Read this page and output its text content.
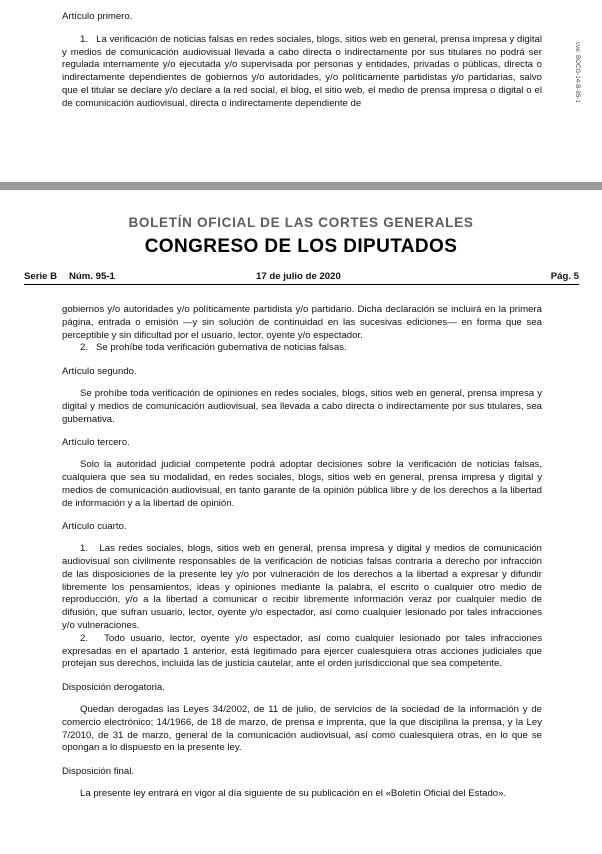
Artículo primero.

1.   La verificación de noticias falsas en redes sociales, blogs, sitios web en general, prensa impresa y digital y medios de comunicación audiovisual llevada a cabo directa o indirectamente por sus titulares no podrá ser regulada internamente y/o ejecutada y/o supervisada por personas y entidades, privadas o públicas, directa o indirectamente dependientes de gobiernos y/o autoridades, y/o políticamente partidistas y/o partidarias, salvo que el titular se declare y/o declare a la red social, el blog, el sitio web, el medio de prensa impresa o digital o el de comunicación audiovisual, directa o indirectamente dependiente de

cve: BOCG-14-B-95-1
BOLETÍN OFICIAL DE LAS CORTES GENERALES
CONGRESO DE LOS DIPUTADOS
Serie B Núm. 95-1	17 de julio de 2020	Pág. 5

gobiernos y/o autoridades y/o políticamente partidista y/o partidario. Dicha declaración se incluirá en la primera página, entrada o emisión —y sin solución de continuidad en las sucesivas ediciones— en forma que sea perceptible y sin dificultad por el usuario, lector, oyente y/o espectador.

2.   Se prohíbe toda verificación gubernativa de noticias falsas.

Artículo segundo.

Se prohíbe toda verificación de opiniones en redes sociales, blogs, sitios web en general, prensa impresa y digital y medios de comunicación audiovisual, sea llevada a cabo directa o indirectamente por sus titulares, sea gubernativa.

Artículo tercero.

Solo la autoridad judicial competente podrá adoptar decisiones sobre la verificación de noticias falsas, cualquiera que sea su modalidad, en redes sociales, blogs, sitios web en general, prensa impresa y digital y medios de comunicación audiovisual, en tanto garante de la opinión pública libre y de los derechos a la libertad de información y a la libertad de opinión.

Artículo cuarto.

1.   Las redes sociales, blogs, sitios web en general, prensa impresa y digital y medios de comunicación audiovisual son civilmente responsables de la verificación de noticias falsas contraria a derecho por infracción de las disposiciones de la presente ley y/o por vulneración de los derechos a la libertad a expresar y difundir libremente los pensamientos, ideas y opiniones mediante la palabra, el escrito o cualquier otro medio de reproducción, y/o a la libertad a comunicar o recibir libremente información veraz por cualquier medio de difusión, que sufran usuario, lector, oyente y/o espectador, así como cualquier lesionado por tales infracciones y/o vulneraciones.

2.   Todo usuario, lector, oyente y/o espectador, así como cualquier lesionado por tales infracciones expresadas en el apartado 1 anterior, está legitimado para ejercer cualesquiera otras acciones judiciales que protejan sus derechos, incluida las de justicia cautelar, ante el orden jurisdiccional que sea competente.

Disposición derogatoria.

Quedan derogadas las Leyes 34/2002, de 11 de julio, de servicios de la sociedad de la información y de comercio electrónico; 14/1966, de 18 de marzo, de prensa e imprenta, que la que disciplina la prensa, y la Ley 7/2010, de 31 de marzo, general de la comunicación audiovisual, así como cualesquiera otras, en lo que se opongan a lo dispuesto en la presente ley.

Disposición final.

La presente ley entrará en vigor al día siguiente de su publicación en el «Boletín Oficial del Estado».
